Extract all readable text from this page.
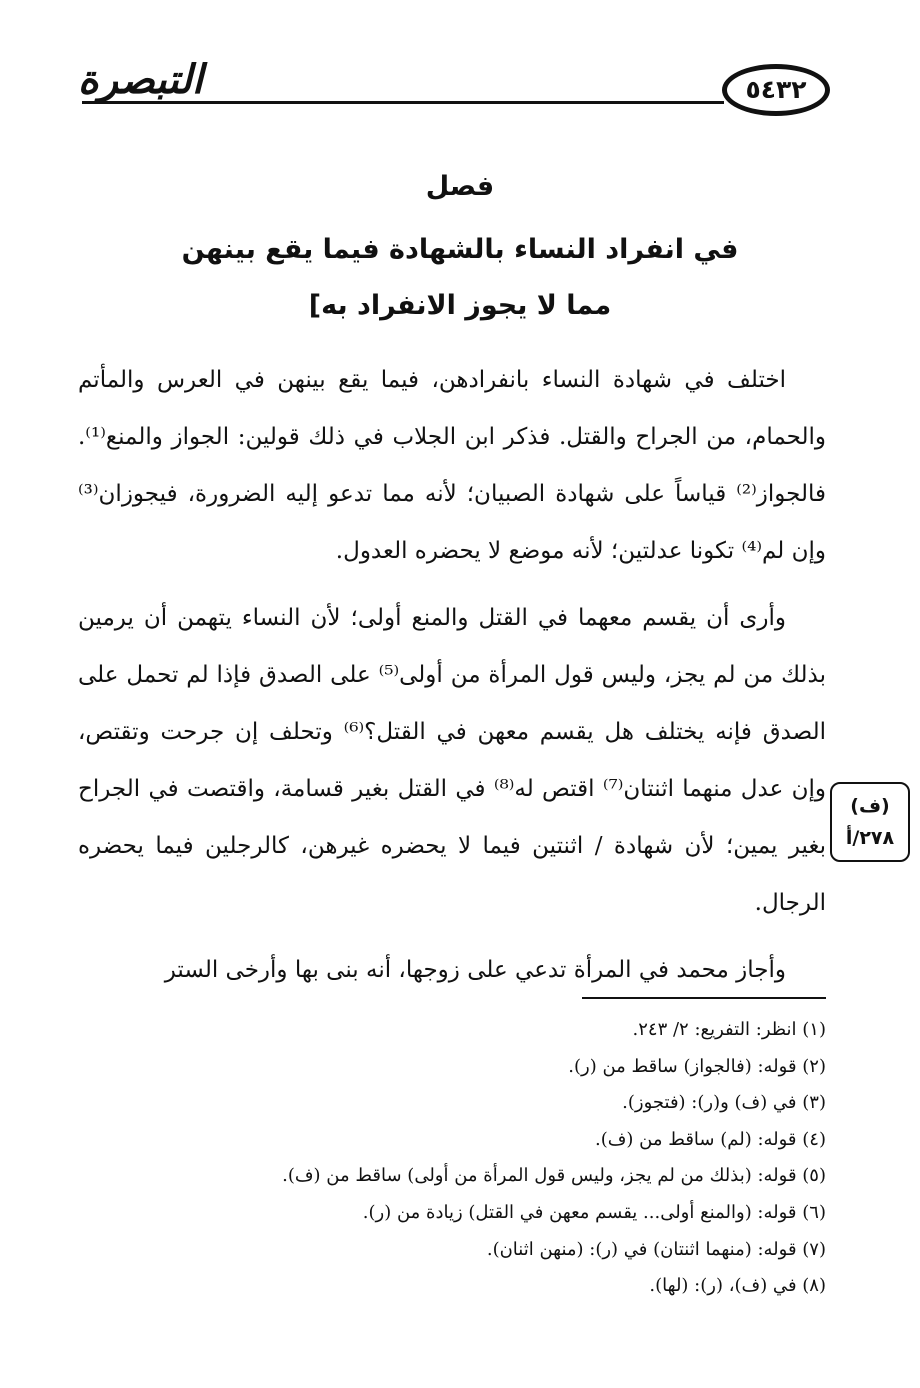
التبصرة	٥٤٣٢
فصل
في انفراد النساء بالشهادة فيما يقع بينهن
مما لا يجوز الانفراد به]

اختلف في شهادة النساء بانفرادهن، فيما يقع بينهن في العرس والمأتم والحمام، من الجراح والقتل. فذكر ابن الجلاب في ذلك قولين: الجواز والمنع⁽¹⁾. فالجواز⁽²⁾ قياساً على شهادة الصبيان؛ لأنه مما تدعو إليه الضرورة، فيجوزان⁽³⁾ وإن لم⁽⁴⁾ تكونا عدلتين؛ لأنه موضع لا يحضره العدول.

وأرى أن يقسم معهما في القتل والمنع أولى؛ لأن النساء يتهمن أن يرمين بذلك من لم يجز، وليس قول المرأة من أولى⁽⁵⁾ على الصدق فإذا لم تحمل على الصدق فإنه يختلف هل يقسم معهن في القتل؟⁽⁶⁾ وتحلف إن جرحت وتقتص، وإن عدل منهما اثنتان⁽⁷⁾ اقتص له⁽⁸⁾ في القتل بغير قسامة، واقتصت في الجراح بغير يمين؛ لأن شهادة / اثنتين فيما لا يحضره غيرهن، كالرجلين فيما يحضره الرجال.

وأجاز محمد في المرأة تدعي على زوجها، أنه بنى بها وأرخى الستر

(ف)
٢٧٨/أ
(١) انظر: التفريع: ٢/ ٢٤٣.
(٢) قوله: (فالجواز) ساقط من (ر).
(٣) في (ف) و(ر): (فتجوز).
(٤) قوله: (لم) ساقط من (ف).
(٥) قوله: (بذلك من لم يجز، وليس قول المرأة من أولى) ساقط من (ف).
(٦) قوله: (والمنع أولى... يقسم معهن في القتل) زيادة من (ر).
(٧) قوله: (منهما اثنتان) في (ر): (منهن اثنان).
(٨) في (ف)، (ر): (لها).
